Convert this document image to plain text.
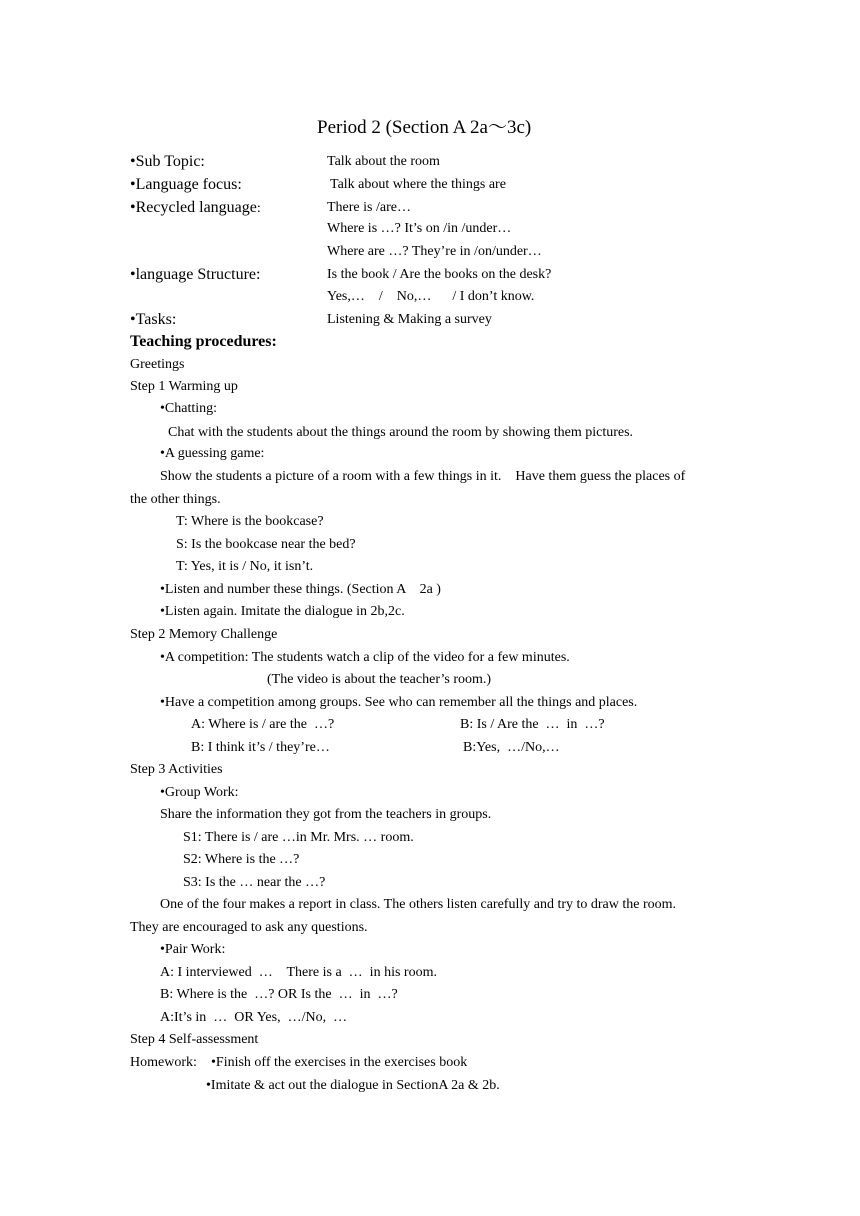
Period 2 (Section A 2a～3c)
•Sub Topic:	Talk about the room
•Language focus:	Talk about where the things are
•Recycled language:	There is /are…
Where is …? It’s on /in /under…
Where are …? They’re in /on/under…
•language Structure:	Is the book / Are the books on the desk?
Yes,…    /    No,…      / I don’t know.
•Tasks:	Listening & Making a survey
Teaching procedures:
Greetings
Step 1 Warming up
•Chatting:
Chat with the students about the things around the room by showing them pictures.
•A guessing game:
Show the students a picture of a room with a few things in it.    Have them guess the places of
the other things.
T: Where is the bookcase?
S: Is the bookcase near the bed?
T: Yes, it is / No, it isn’t.
•Listen and number these things. (Section A    2a )
•Listen again. Imitate the dialogue in 2b,2c.
Step 2 Memory Challenge
•A competition: The students watch a clip of the video for a few minutes.
(The video is about the teacher’s room.)
•Have a competition among groups. See who can remember all the things and places.
A: Where is / are the  …?	B: Is / Are the  …  in  …?
B: I think it’s / they’re…	B:Yes,  …/No,…
Step 3 Activities
•Group Work:
Share the information they got from the teachers in groups.
S1: There is / are …in Mr. Mrs. … room.
S2: Where is the …?
S3: Is the … near the …?
One of the four makes a report in class. The others listen carefully and try to draw the room.
They are encouraged to ask any questions.
•Pair Work:
A: I interviewed  …    There is a  …  in his room.
B: Where is the  …? OR Is the  …  in  …?
A:It’s in  …  OR Yes,  …/No,  …
Step 4 Self-assessment
Homework: •Finish off the exercises in the exercises book
•Imitate & act out the dialogue in SectionA 2a & 2b.
